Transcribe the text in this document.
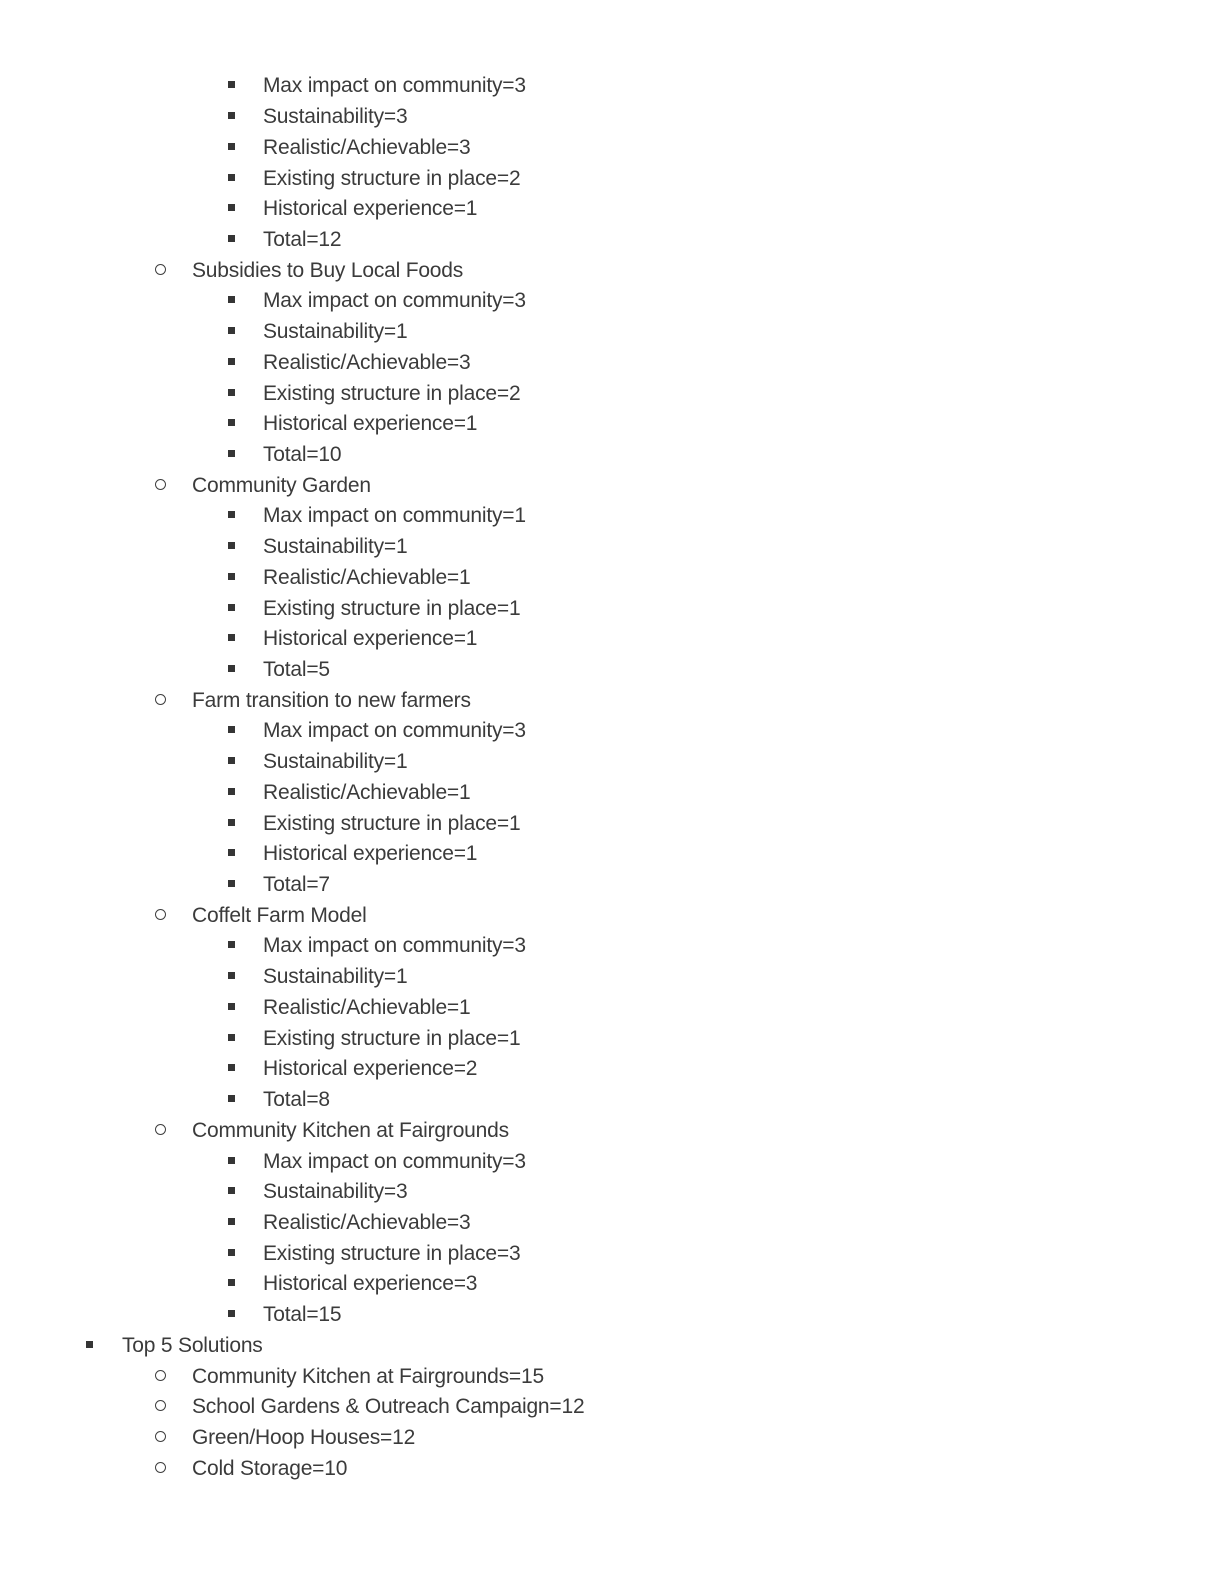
Max impact on community=3
Sustainability=3
Realistic/Achievable=3
Existing structure in place=2
Historical experience=1
Total=12
Subsidies to Buy Local Foods
Max impact on community=3
Sustainability=1
Realistic/Achievable=3
Existing structure in place=2
Historical experience=1
Total=10
Community Garden
Max impact on community=1
Sustainability=1
Realistic/Achievable=1
Existing structure in place=1
Historical experience=1
Total=5
Farm transition to new farmers
Max impact on community=3
Sustainability=1
Realistic/Achievable=1
Existing structure in place=1
Historical experience=1
Total=7
Coffelt Farm Model
Max impact on community=3
Sustainability=1
Realistic/Achievable=1
Existing structure in place=1
Historical experience=2
Total=8
Community Kitchen at Fairgrounds
Max impact on community=3
Sustainability=3
Realistic/Achievable=3
Existing structure in place=3
Historical experience=3
Total=15
Top 5 Solutions
Community Kitchen at Fairgrounds=15
School Gardens & Outreach Campaign=12
Green/Hoop Houses=12
Cold Storage=10
